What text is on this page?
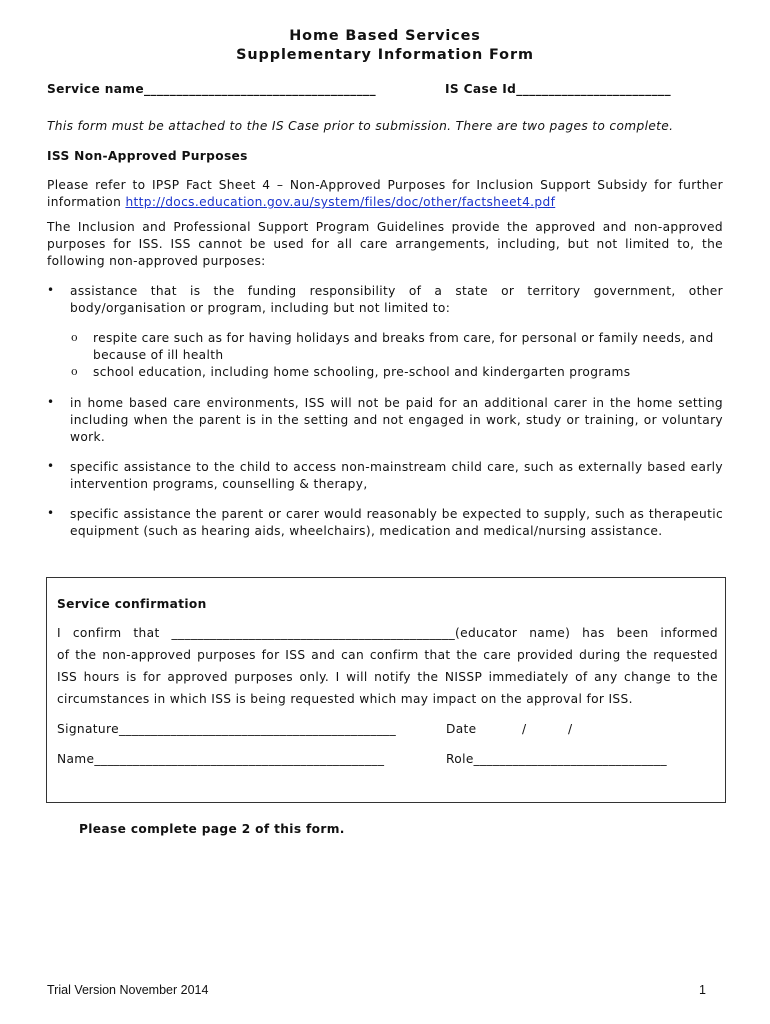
Home Based Services
Supplementary Information Form
Service name____________________________________	IS Case Id________________________
This form must be attached to the IS Case prior to submission. There are two pages to complete.
ISS Non-Approved Purposes
Please refer to IPSP Fact Sheet 4 – Non-Approved Purposes for Inclusion Support Subsidy for further
information http://docs.education.gov.au/system/files/doc/other/factsheet4.pdf
The Inclusion and Professional Support Program Guidelines provide the approved and non-approved
purposes for ISS. ISS cannot be used for all care arrangements, including, but not limited to, the
following non-approved purposes:
• assistance that is the funding responsibility of a state or territory government, other
body/organisation or program, including but not limited to:
o respite care such as for having holidays and breaks from care, for personal or family needs, and
because of ill health
o school education, including home schooling, pre-school and kindergarten programs
• in home based care environments, ISS will not be paid for an additional carer in the home setting
including when the parent is in the setting and not engaged in work, study or training, or voluntary
work.
• specific assistance to the child to access non-mainstream child care, such as externally based early
intervention programs, counselling & therapy,
• specific assistance the parent or carer would reasonably be expected to supply, such as therapeutic
equipment (such as hearing aids, wheelchairs), medication and medical/nursing assistance.
Service confirmation
I confirm that ____________________________________________(educator name) has been informed
of the non-approved purposes for ISS and can confirm that the care provided during the requested
ISS hours is for approved purposes only. I will notify the NISSP immediately of any change to the
circumstances in which ISS is being requested which may impact on the approval for ISS.
Signature___________________________________________	Date	/	/
Name_____________________________________________	Role______________________________
Please complete page 2 of this form.
Trial Version November 2014	1
